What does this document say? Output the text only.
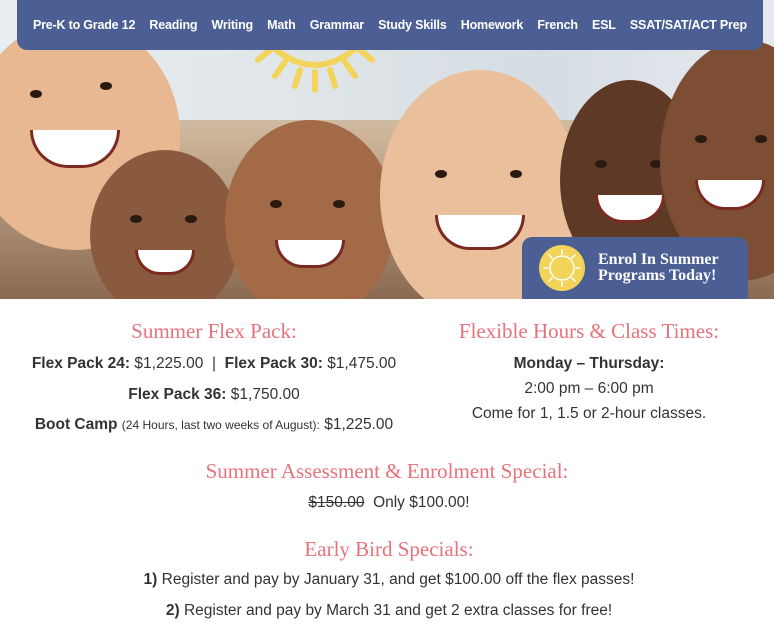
Pre-K to Grade 12 Reading Writing Math Grammar Study Skills Homework French ESL SSAT/SAT/ACT Prep
Enrol In Summer
Programs Today!
Summer Flex Pack:
Flex Pack 24: $1,225.00 | Flex Pack 30: $1,475.00
Flex Pack 36: $1,750.00
Boot Camp (24 Hours, last two weeks of August): $1,225.00
Flexible Hours & Class Times:
Monday – Thursday:
2:00 pm – 6:00 pm
Come for 1, 1.5 or 2-hour classes.
Summer Assessment & Enrolment Special:
$150.00 Only $100.00!
Early Bird Specials:
1) Register and pay by January 31, and get $100.00 off the flex passes!
2) Register and pay by March 31 and get 2 extra classes for free!
